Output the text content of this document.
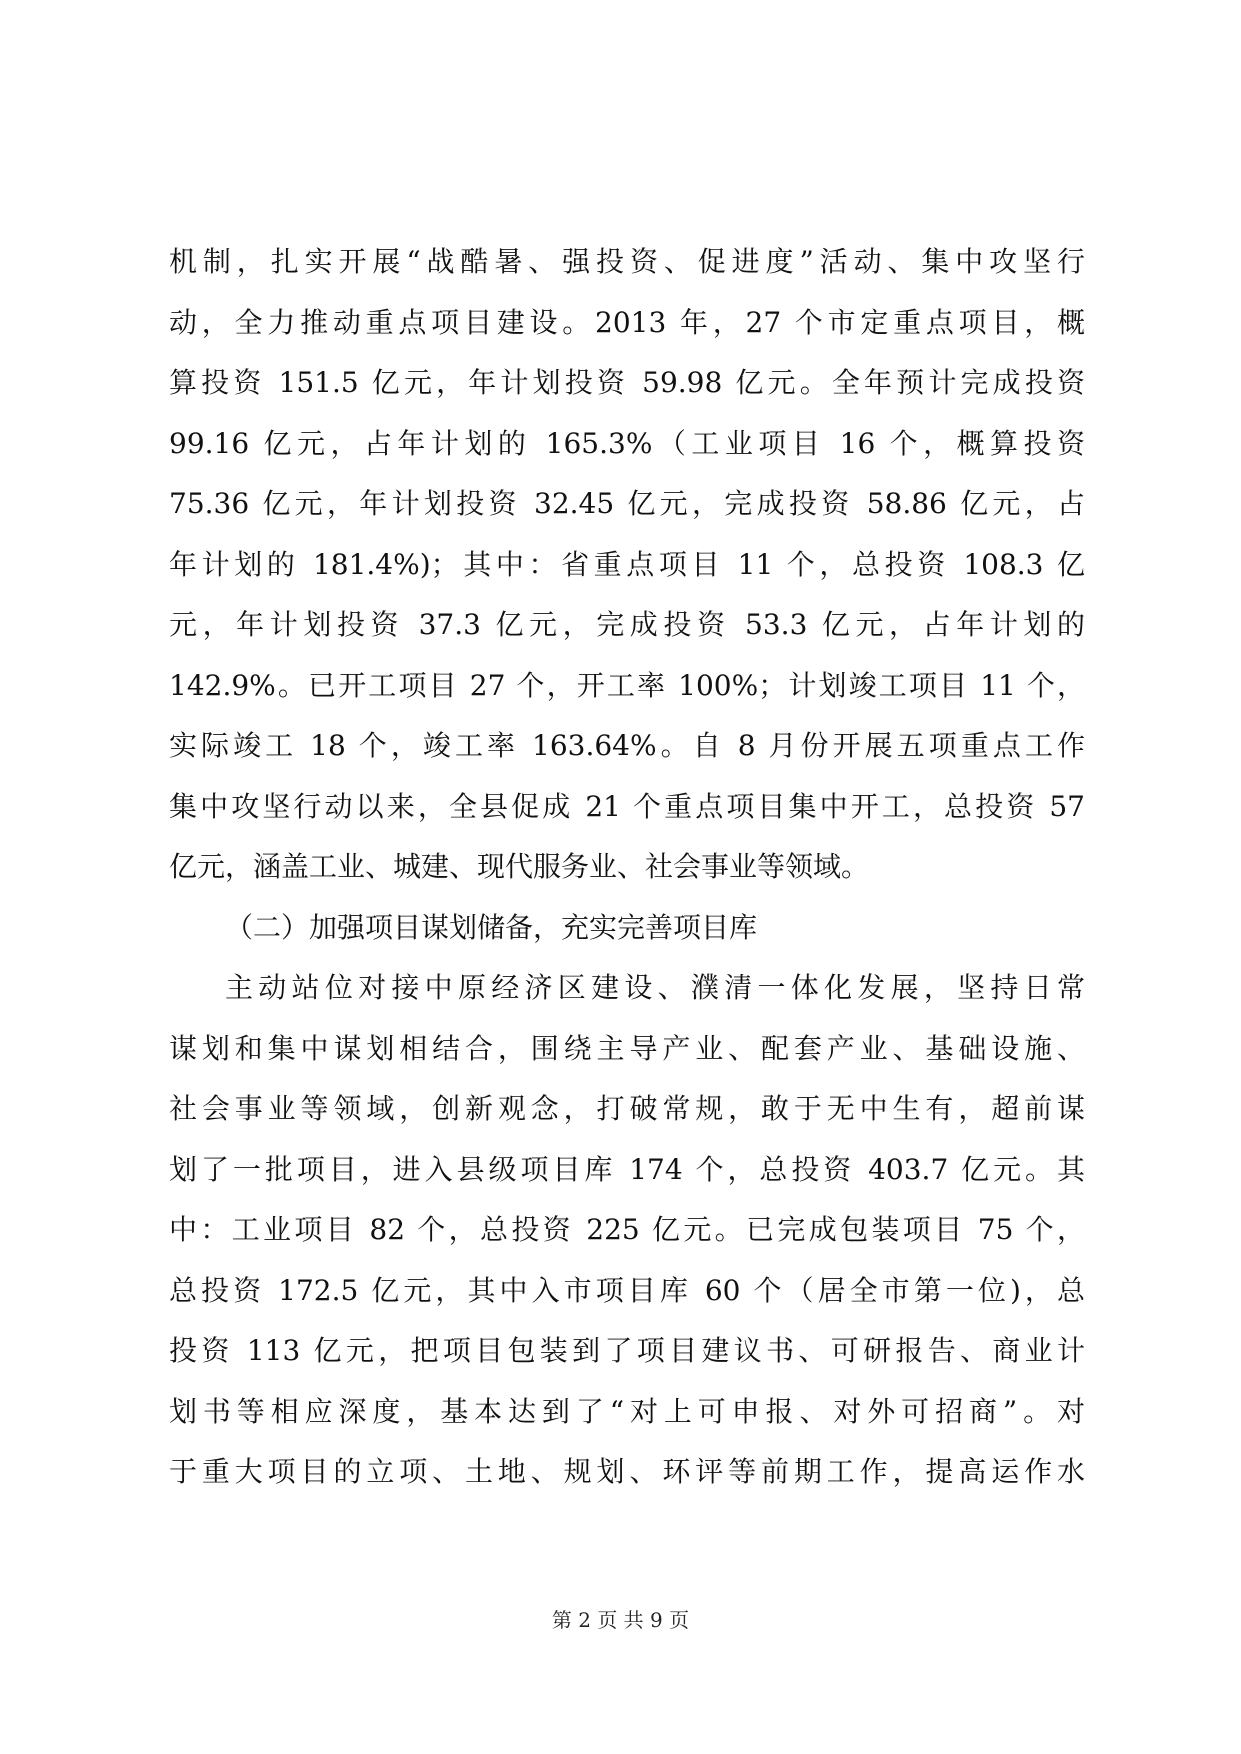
机制，扎实开展“战酷暑、强投资、促进度”活动、集中攻坚行
动，全力推动重点项目建设。2013 年，27 个市定重点项目，概
算投资 151.5 亿元，年计划投资 59.98 亿元。全年预计完成投资
99.16 亿元，占年计划的 165.3%（工业项目 16 个，概算投资
75.36 亿元，年计划投资 32.45 亿元，完成投资 58.86 亿元，占
年计划的 181.4%)；其中：省重点项目 11 个，总投资 108.3 亿
元，年计划投资 37.3 亿元，完成投资 53.3 亿元，占年计划的
142.9%。已开工项目 27 个，开工率 100%；计划竣工项目 11 个，
实际竣工 18 个，竣工率 163.64%。自 8 月份开展五项重点工作
集中攻坚行动以来，全县促成 21 个重点项目集中开工，总投资 57
亿元，涵盖工业、城建、现代服务业、社会事业等领域。
（二）加强项目谋划储备，充实完善项目库
主动站位对接中原经济区建设、濮清一体化发展，坚持日常
谋划和集中谋划相结合，围绕主导产业、配套产业、基础设施、
社会事业等领域，创新观念，打破常规，敢于无中生有，超前谋
划了一批项目，进入县级项目库 174 个，总投资 403.7 亿元。其
中：工业项目 82 个，总投资 225 亿元。已完成包装项目 75 个，
总投资 172.5 亿元，其中入市项目库 60 个（居全市第一位)，总
投资 113 亿元，把项目包装到了项目建议书、可研报告、商业计
划书等相应深度，基本达到了“对上可申报、对外可招商”。对
于重大项目的立项、土地、规划、环评等前期工作，提高运作水
第 2 页 共 9 页
